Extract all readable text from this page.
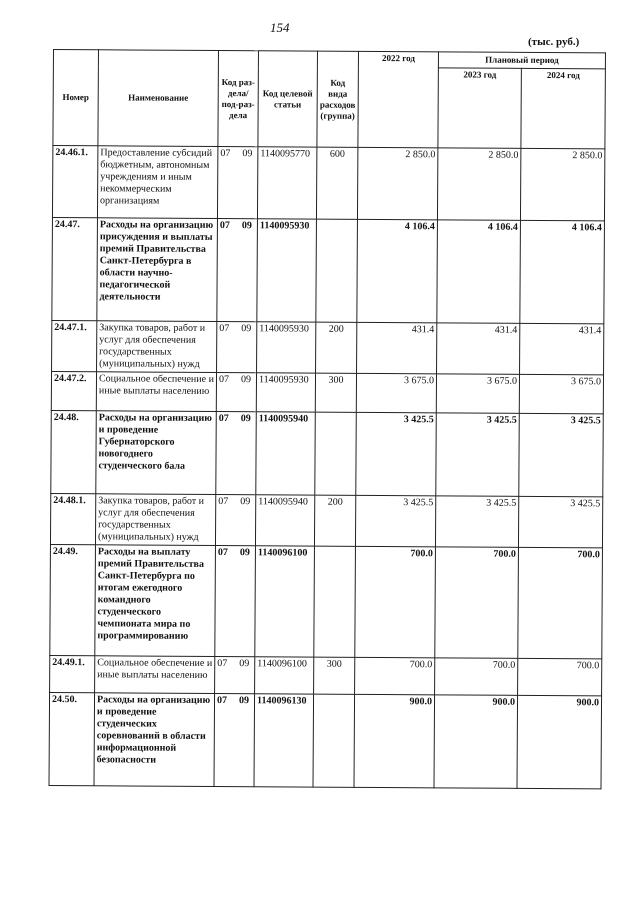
154
(тыс. руб.)
Номер	Наименование	Код раз-дела/ под-раз-дела	Код целевой статьи	Код вида расходов (группа)	2022 год	Плановый период	
						2023 год	2024 год
24.46.1.	Предоставление субсидий бюджетным, автономным учреждениям и иным некоммерческим организациям	07 09	1140095770	600	2 850.0	2 850.0	2 850.0
24.47.	Расходы на организацию присуждения и выплаты премий Правительства Санкт-Петербурга в области научно-педагогической деятельности	07 09	1140095930		4 106.4	4 106.4	4 106.4
24.47.1.	Закупка товаров, работ и услуг для обеспечения государственных (муниципальных) нужд	07 09	1140095930	200	431.4	431.4	431.4
24.47.2.	Социальное обеспечение и иные выплаты населению	07 09	1140095930	300	3 675.0	3 675.0	3 675.0
24.48.	Расходы на организацию и проведение Губернаторского новогоднего студенческого бала	07 09	1140095940		3 425.5	3 425.5	3 425.5
24.48.1.	Закупка товаров, работ и услуг для обеспечения государственных (муниципальных) нужд	07 09	1140095940	200	3 425.5	3 425.5	3 425.5
24.49.	Расходы на выплату премий Правительства Санкт-Петербурга по итогам ежегодного командного студенческого чемпионата мира по программированию	07 09	1140096100		700.0	700.0	700.0
24.49.1.	Социальное обеспечение и иные выплаты населению	07 09	1140096100	300	700.0	700.0	700.0
24.50.	Расходы на организацию и проведение студенческих соревнований в области информационной безопасности	07 09	1140096130		900.0	900.0	900.0
